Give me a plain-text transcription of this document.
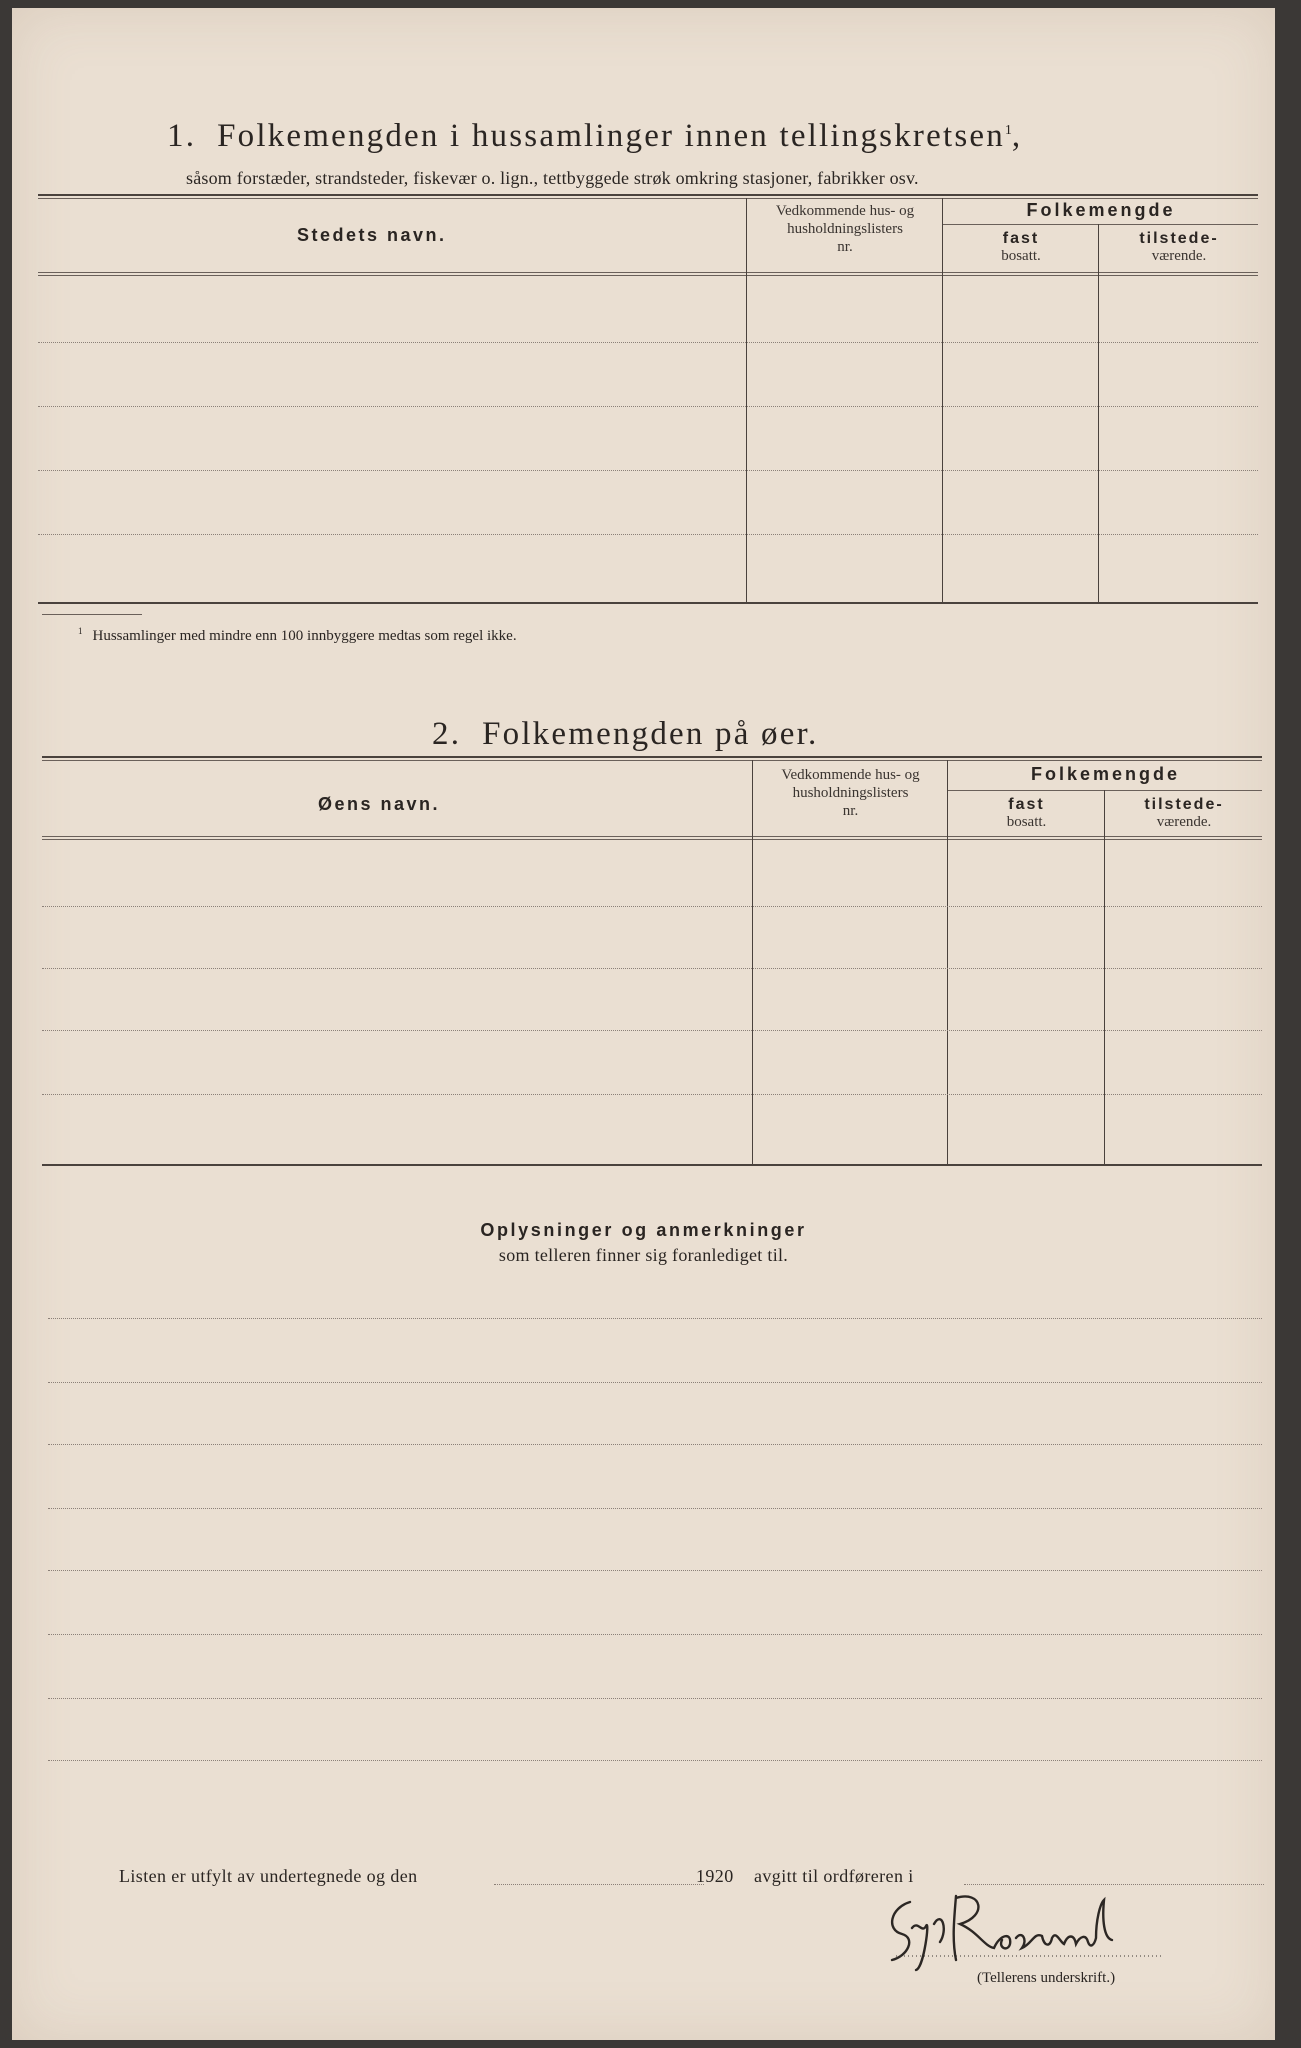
1. Folkemengden i hussamlinger innen tellingskretsen$^1$,
såsom forstæder, strandsteder, fiskevær o. lign., tettbyggede strøk omkring stasjoner, fabrikker osv.
Stedets navn.
Vedkommende hus- og
husholdningslisters
nr.
Folkemengde
fast
bosatt.
tilstede-
værende.
$^1$ Hussamlinger med mindre enn 100 innbyggere medtas som regel ikke.
2. Folkemengden på øer.
Øens navn.
Vedkommende hus- og
husholdningslisters
nr.
Folkemengde
fast
bosatt.
tilstede-
værende.
Oplysninger og anmerkninger
som telleren finner sig foranlediget til.
Listen er utfylt av undertegnede og den	1920 avgitt til ordføreren i
(Tellerens underskrift.)
